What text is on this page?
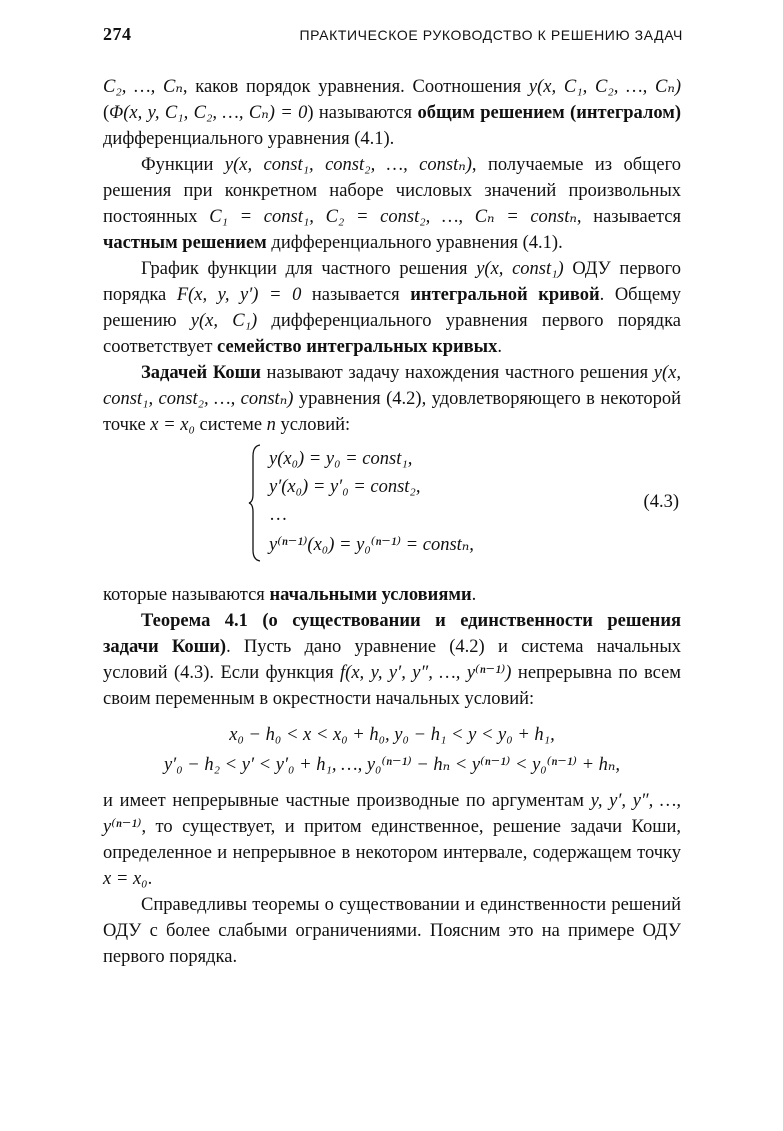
274	ПРАКТИЧЕСКОЕ РУКОВОДСТВО К РЕШЕНИЮ ЗАДАЧ

C₂, …, Cₙ, каков порядок уравнения. Соотношения y(x, C₁, C₂, …, Cₙ) (Φ(x, y, C₁, C₂, …, Cₙ) = 0) называются общим решением (интегралом) дифференциального уравнения (4.1).

Функции y(x, const₁, const₂, …, constₙ), получаемые из общего решения при конкретном наборе числовых значений произвольных постоянных C₁ = const₁, C₂ = const₂, …, Cₙ = constₙ, называется частным решением дифференциального уравнения (4.1).

График функции для частного решения y(x, const₁) ОДУ первого порядка F(x, y, y′) = 0 называется интегральной кривой. Общему решению y(x, C₁) дифференциального уравнения первого порядка соответствует семейство интегральных кривых.

Задачей Коши называют задачу нахождения частного решения y(x, const₁, const₂, …, constₙ) уравнения (4.2), удовлетворяющего в некоторой точке x = x₀ системе n условий:

y(x₀) = y₀ = const₁,
y′(x₀) = y′₀ = const₂,
…
y⁽ⁿ⁻¹⁾(x₀) = y₀⁽ⁿ⁻¹⁾ = constₙ,
(4.3)

которые называются начальными условиями.

Теорема 4.1 (о существовании и единственности решения задачи Коши). Пусть дано уравнение (4.2) и система начальных условий (4.3). Если функция f(x, y, y′, y″, …, y⁽ⁿ⁻¹⁾) непрерывна по всем своим переменным в окрестности начальных условий:

x₀ − h₀ < x < x₀ + h₀, y₀ − h₁ < y < y₀ + h₁,
y′₀ − h₂ < y′ < y′₀ + h₁, …, y₀⁽ⁿ⁻¹⁾ − hₙ < y⁽ⁿ⁻¹⁾ < y₀⁽ⁿ⁻¹⁾ + hₙ,

и имеет непрерывные частные производные по аргументам y, y′, y″, …, y⁽ⁿ⁻¹⁾, то существует, и притом единственное, решение задачи Коши, определенное и непрерывное в некотором интервале, содержащем точку x = x₀.

Справедливы теоремы о существовании и единственности решений ОДУ с более слабыми ограничениями. Поясним это на примере ОДУ первого порядка.
